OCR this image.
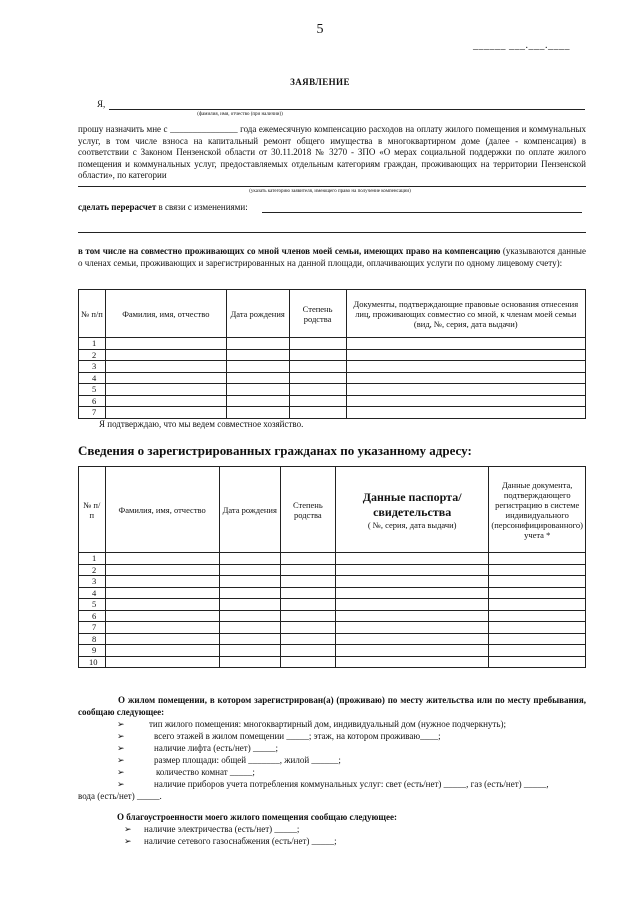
5
______ ___.___.____
ЗАЯВЛЕНИЕ
Я,
(фамилия, имя, отчество (при наличии))
прошу назначить мне с _______________ года ежемесячную компенсацию расходов на оплату жилого помещения и коммунальных услуг, в том числе взноса на капитальный ремонт общего имущества в многоквартирном доме (далее - компенсация) в соответствии с Законом Пензенской области от 30.11.2018 № 3270 - ЗПО «О мерах социальной поддержки по оплате жилого помещения и коммунальных услуг, предоставляемых отдельным категориям граждан, проживающих на территории Пензенской области», по категории
(указать категорию заявителя, имеющего право на получение компенсации)
сделать перерасчет в связи с изменениями:
в том числе на совместно проживающих со мной членов моей семьи, имеющих право на компенсацию (указываются данные о членах семьи, проживающих и зарегистрированных на данной площади, оплачивающих услуги по одному лицевому счету):
№ п/п	Фамилия, имя, отчество	Дата рождения	Степень родства	Документы, подтверждающие правовые основания отнесения лиц, проживающих совместно со мной, к членам моей семьи (вид, №, серия, дата выдачи)
1				
2				
3				
4				
5				
6				
7				
Я подтверждаю, что мы ведем совместное хозяйство.
Сведения о зарегистрированных гражданах по указанному адресу:
№ п/п	Фамилия, имя, отчество	Дата рождения	Степень родства	Данные паспорта/свидетельства
( №, серия, дата выдачи)	Данные документа, подтверждающего регистрацию в системе индивидуального (персонифицированного) учета *
1					
2					
3					
4					
5					
6					
7					
8					
9					
10					
О жилом помещении, в котором зарегистрирован(а) (проживаю) по месту жительства или по месту пребывания, сообщаю следующее:
➢	тип жилого помещения: многоквартирный дом, индивидуальный дом (нужное подчеркнуть);
➢	всего этажей в жилом помещении _____; этаж, на котором проживаю____;
➢	наличие лифта (есть/нет) _____;
➢	размер площади: общей _______, жилой ______;
➢	количество комнат _____;
➢	наличие приборов учета потребления коммунальных услуг: свет (есть/нет) _____, газ (есть/нет) _____,
вода (есть/нет) _____.
О благоустроенности моего жилого помещения сообщаю следующее:
➢ наличие электричества (есть/нет) _____;
➢ наличие сетевого газоснабжения (есть/нет) _____;
